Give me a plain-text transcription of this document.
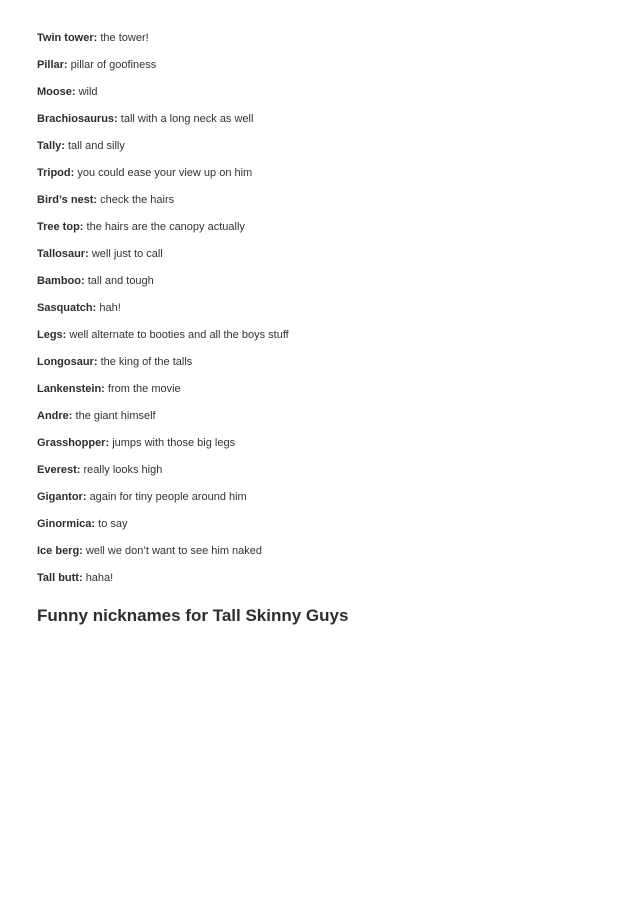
Twin tower: the tower!
Pillar: pillar of goofiness
Moose: wild
Brachiosaurus: tall with a long neck as well
Tally: tall and silly
Tripod: you could ease your view up on him
Bird’s nest: check the hairs
Tree top: the hairs are the canopy actually
Tallosaur: well just to call
Bamboo: tall and tough
Sasquatch: hah!
Legs: well alternate to booties and all the boys stuff
Longosaur: the king of the talls
Lankenstein: from the movie
Andre: the giant himself
Grasshopper: jumps with those big legs
Everest: really looks high
Gigantor: again for tiny people around him
Ginormica: to say
Ice berg: well we don’t want to see him naked
Tall butt: haha!
Funny nicknames for Tall Skinny Guys
